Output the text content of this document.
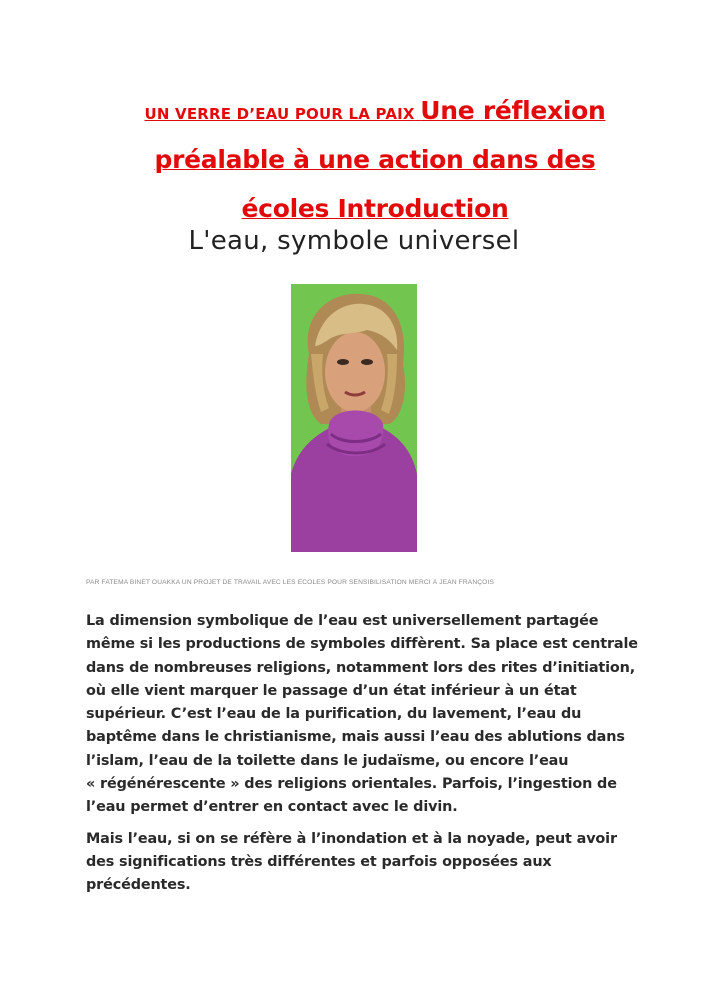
UN VERRE D’EAU POUR LA PAIX Une réflexion
préalable à une action dans des
écoles Introduction
L'eau, symbole universel
PAR FATEMA BINET OUAKKA UN PROJET DE TRAVAIL AVEC LES ÉCOLES POUR SENSIBILISATION MERCI À JEAN FRANÇOIS

La dimension symbolique de l’eau est universellement partagée
même si les productions de symboles diffèrent. Sa place est centrale
dans de nombreuses religions, notamment lors des rites d’initiation,
où elle vient marquer le passage d’un état inférieur à un état
supérieur. C’est l’eau de la purification, du lavement, l’eau du
baptême dans le christianisme, mais aussi l’eau des ablutions dans
l’islam, l’eau de la toilette dans le judaïsme, ou encore l’eau
« régénérescente » des religions orientales. Parfois, l’ingestion de
l’eau permet d’entrer en contact avec le divin.

Mais l’eau, si on se réfère à l’inondation et à la noyade, peut avoir
des significations très différentes et parfois opposées aux
précédentes.
